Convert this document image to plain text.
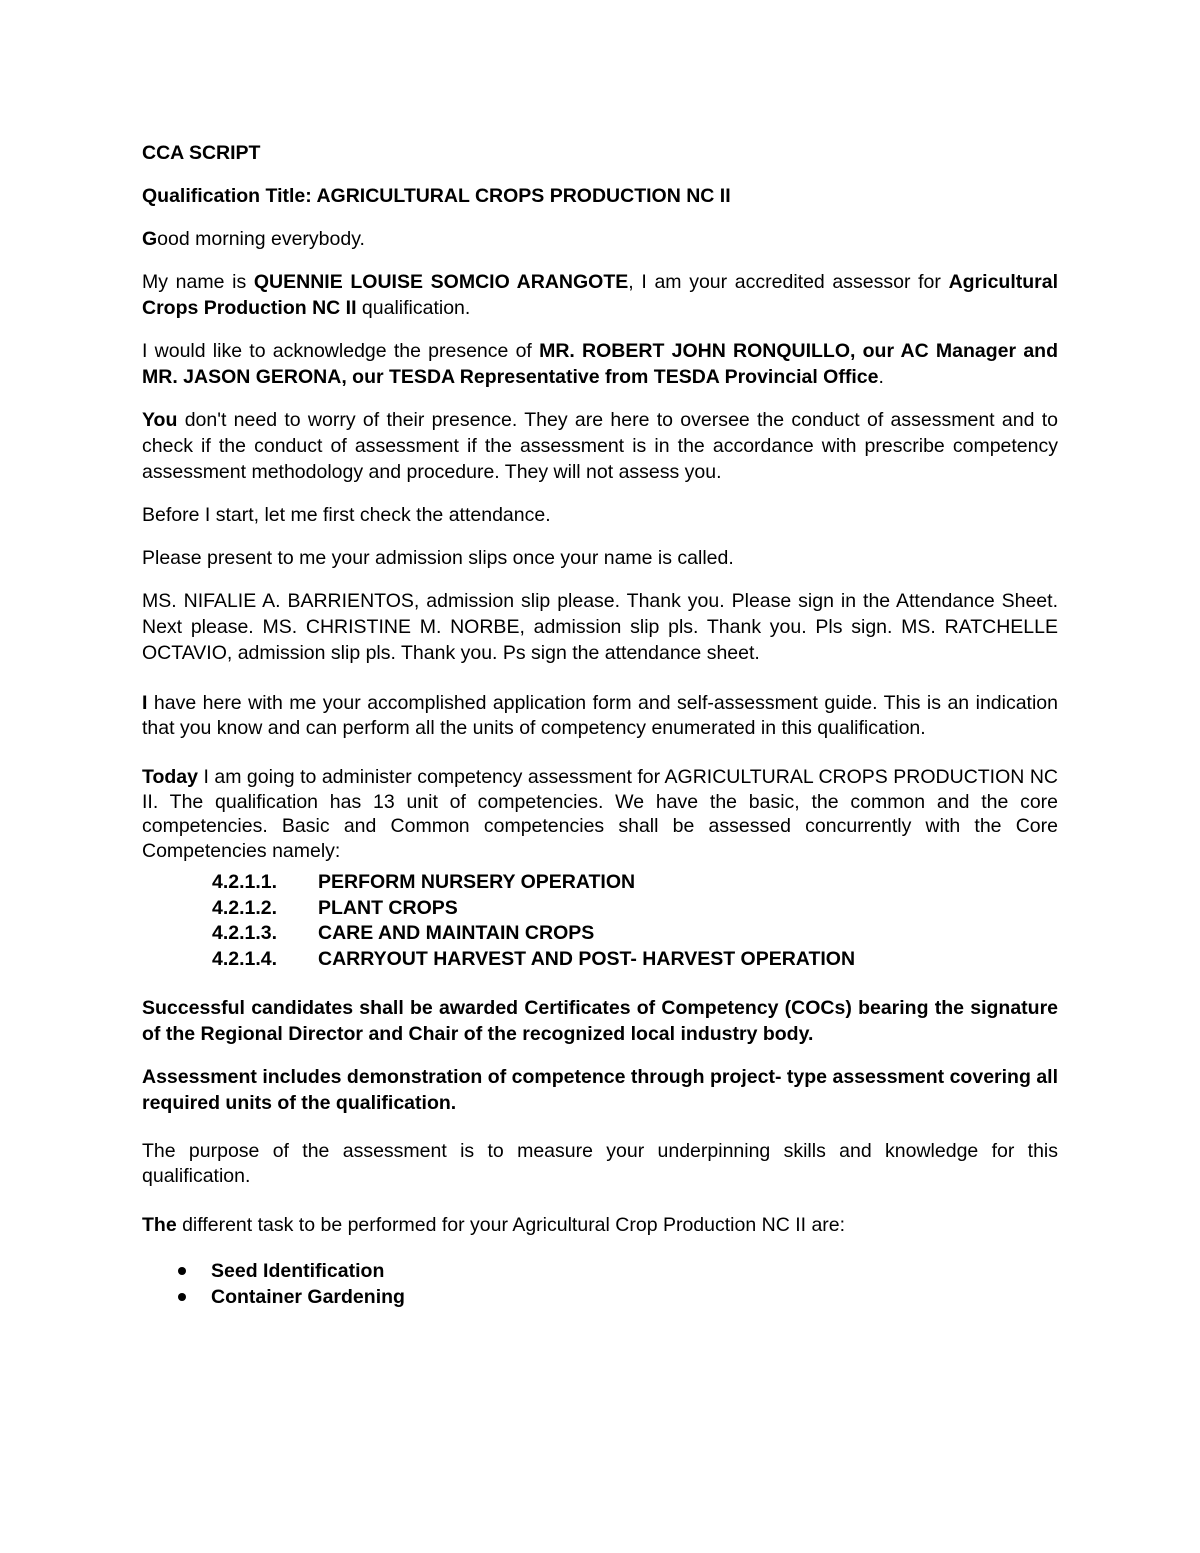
CCA SCRIPT

Qualification Title: AGRICULTURAL CROPS PRODUCTION NC II

Good morning everybody.

My name is QUENNIE LOUISE SOMCIO ARANGOTE, I am your accredited assessor for Agricultural Crops Production NC II qualification.

I would like to acknowledge the presence of MR. ROBERT JOHN RONQUILLO, our AC Manager and MR. JASON GERONA, our TESDA Representative from TESDA Provincial Office.

You don't need to worry of their presence. They are here to oversee the conduct of assessment and to check if the conduct of assessment if the assessment is in the accordance with prescribe competency assessment methodology and procedure. They will not assess you.

Before I start, let me first check the attendance.

Please present to me your admission slips once your name is called.

MS. NIFALIE A. BARRIENTOS, admission slip please. Thank you. Please sign in the Attendance Sheet. Next please. MS. CHRISTINE M. NORBE, admission slip pls. Thank you. Pls sign. MS. RATCHELLE OCTAVIO, admission slip pls. Thank you. Ps sign the attendance sheet.

I have here with me your accomplished application form and self-assessment guide. This is an indication that you know and can perform all the units of competency enumerated in this qualification.

Today I am going to administer competency assessment for AGRICULTURAL CROPS PRODUCTION NC II. The qualification has 13 unit of competencies. We have the basic, the common and the core competencies. Basic and Common competencies shall be assessed concurrently with the Core Competencies namely:

4.2.1.1.	PERFORM NURSERY OPERATION
4.2.1.2.	PLANT CROPS
4.2.1.3.	CARE AND MAINTAIN CROPS
4.2.1.4.	CARRYOUT HARVEST AND POST- HARVEST OPERATION

Successful candidates shall be awarded Certificates of Competency (COCs) bearing the signature of the Regional Director and Chair of the recognized local industry body.

Assessment includes demonstration of competence through project- type assessment covering all required units of the qualification.

The purpose of the assessment is to measure your underpinning skills and knowledge for this qualification.

The different task to be performed for your Agricultural Crop Production NC II are:

Seed Identification
Container Gardening
